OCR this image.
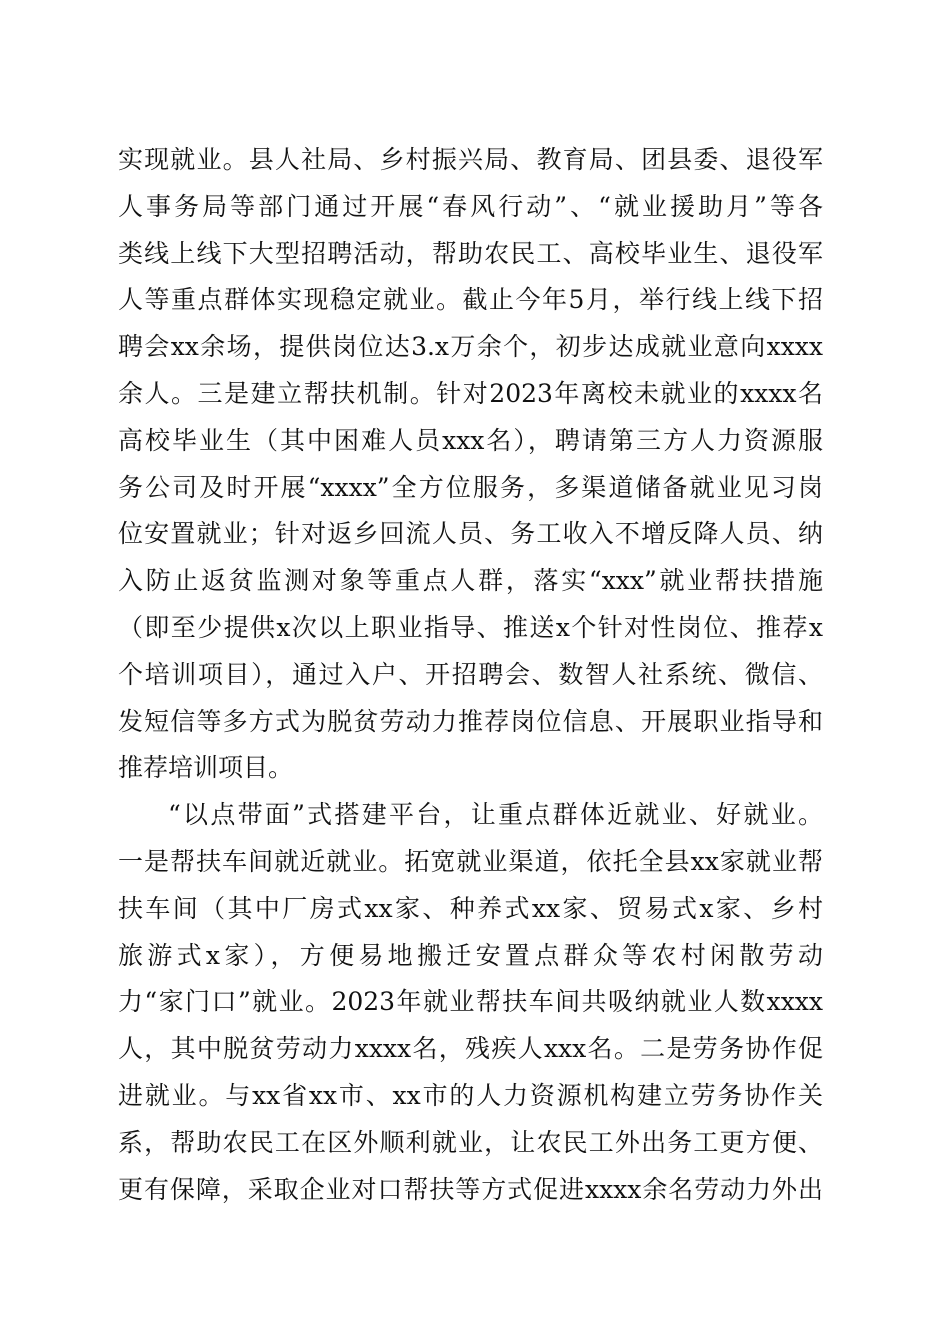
实现就业。县人社局、乡村振兴局、教育局、团县委、退役军
人事务局等部门通过开展“春风行动”、“就业援助月”等各
类线上线下大型招聘活动，帮助农民工、高校毕业生、退役军
人等重点群体实现稳定就业。截止今年5月，举行线上线下招
聘会xx余场，提供岗位达3.x万余个，初步达成就业意向xxxx
余人。三是建立帮扶机制。针对2023年离校未就业的xxxx名
高校毕业生（其中困难人员xxx名），聘请第三方人力资源服
务公司及时开展“xxxx”全方位服务，多渠道储备就业见习岗
位安置就业；针对返乡回流人员、务工收入不增反降人员、纳
入防止返贫监测对象等重点人群，落实“xxx”就业帮扶措施
（即至少提供x次以上职业指导、推送x个针对性岗位、推荐x
个培训项目），通过入户、开招聘会、数智人社系统、微信、
发短信等多方式为脱贫劳动力推荐岗位信息、开展职业指导和
推荐培训项目。
“以点带面”式搭建平台，让重点群体近就业、好就业。
一是帮扶车间就近就业。拓宽就业渠道，依托全县xx家就业帮
扶车间（其中厂房式xx家、种养式xx家、贸易式x家、乡村
旅游式x家），方便易地搬迁安置点群众等农村闲散劳动
力“家门口”就业。2023年就业帮扶车间共吸纳就业人数xxxx
人，其中脱贫劳动力xxxx名，残疾人xxx名。二是劳务协作促
进就业。与xx省xx市、xx市的人力资源机构建立劳务协作关
系，帮助农民工在区外顺利就业，让农民工外出务工更方便、
更有保障，采取企业对口帮扶等方式促进xxxx余名劳动力外出
